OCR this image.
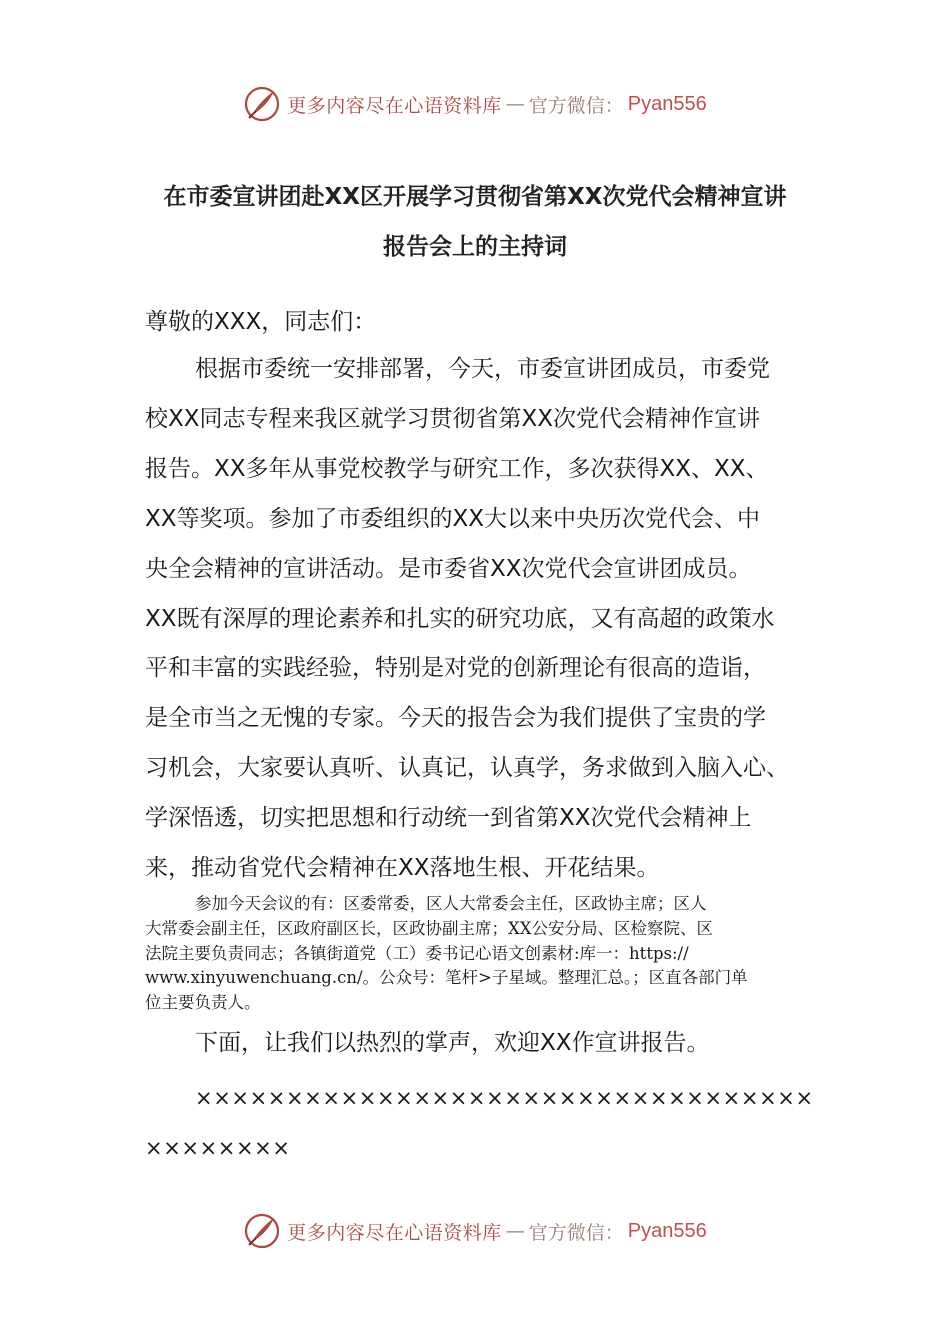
更多内容尽在心语资料库 — 官方微信： Pyan556

在市委宣讲团赴XX区开展学习贯彻省第XX次党代会精神宣讲

报告会上的主持词

尊敬的XXX，同志们：

根据市委统一安排部署，今天，市委宣讲团成员，市委党
校XX同志专程来我区就学习贯彻省第XX次党代会精神作宣讲
报告。XX多年从事党校教学与研究工作，多次获得XX、XX、
XX等奖项。参加了市委组织的XX大以来中央历次党代会、中
央全会精神的宣讲活动。是市委省XX次党代会宣讲团成员。
XX既有深厚的理论素养和扎实的研究功底，又有高超的政策水
平和丰富的实践经验，特别是对党的创新理论有很高的造诣，
是全市当之无愧的专家。今天的报告会为我们提供了宝贵的学
习机会，大家要认真听、认真记，认真学，务求做到入脑入心、
学深悟透，切实把思想和行动统一到省第XX次党代会精神上
来，推动省党代会精神在XX落地生根、开花结果。
参加今天会议的有：区委常委，区人大常委会主任，区政协主席；区人
大常委会副主任，区政府副区长，区政协副主席；XX公安分局、区检察院、区
法院主要负责同志；各镇街道党（工）委书记心语文创素材:库一：https://
www.xinyuwenchuang.cn/。公众号：笔杆>子星域。整理汇总。；区直各部门单
位主要负责人。

下面，让我们以热烈的掌声，欢迎XX作宣讲报告。

××××××××××××××××××××××××××××××××××
××××××××
更多内容尽在心语资料库 — 官方微信： Pyan556
